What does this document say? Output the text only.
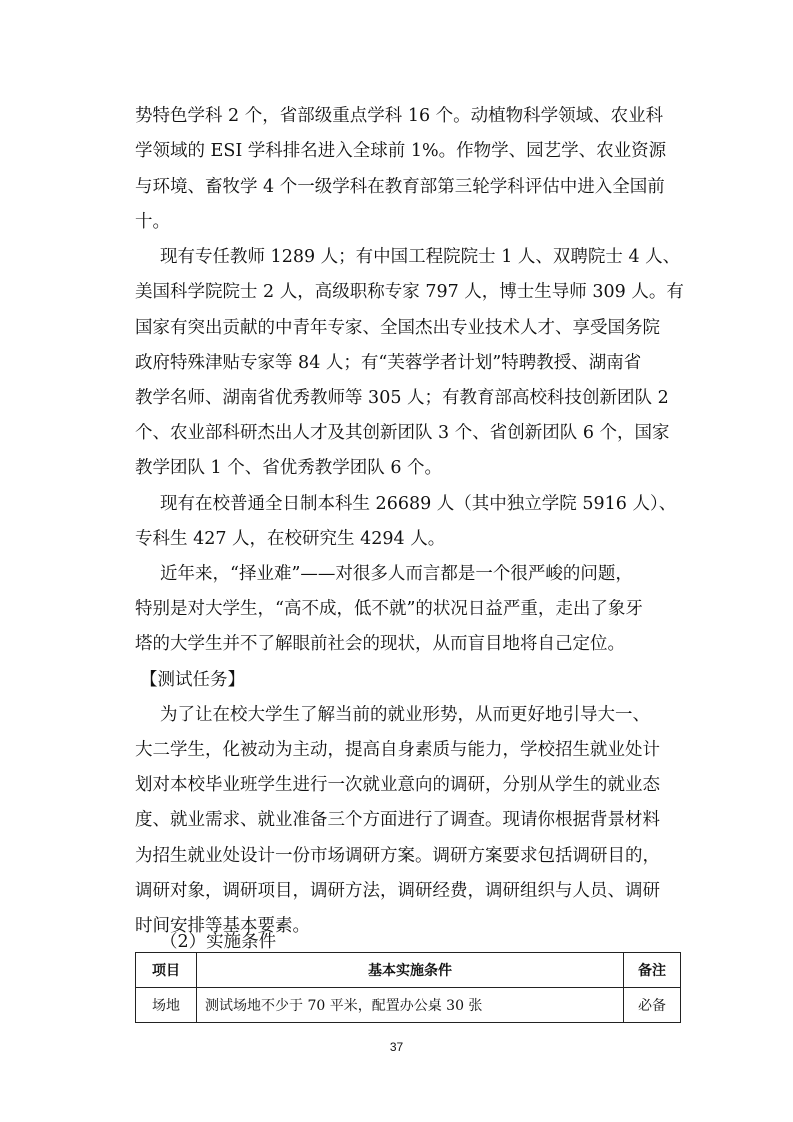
势特色学科 2 个，省部级重点学科 16 个。动植物科学领域、农业科
学领域的 ESI 学科排名进入全球前 1%。作物学、园艺学、农业资源
与环境、畜牧学 4 个一级学科在教育部第三轮学科评估中进入全国前
十。
现有专任教师 1289 人；有中国工程院院士 1 人、双聘院士 4 人、
美国科学院院士 2 人，高级职称专家 797 人，博士生导师 309 人。有
国家有突出贡献的中青年专家、全国杰出专业技术人才、享受国务院
政府特殊津贴专家等 84 人；有“芙蓉学者计划”特聘教授、湖南省
教学名师、湖南省优秀教师等 305 人；有教育部高校科技创新团队 2
个、农业部科研杰出人才及其创新团队 3 个、省创新团队 6 个，国家
教学团队 1 个、省优秀教学团队 6 个。
现有在校普通全日制本科生 26689 人（其中独立学院 5916 人）、
专科生 427 人，在校研究生 4294 人。
近年来，“择业难”——对很多人而言都是一个很严峻的问题，
特别是对大学生，“高不成，低不就”的状况日益严重，走出了象牙
塔的大学生并不了解眼前社会的现状，从而盲目地将自己定位。
【测试任务】
为了让在校大学生了解当前的就业形势，从而更好地引导大一、
大二学生，化被动为主动，提高自身素质与能力，学校招生就业处计
划对本校毕业班学生进行一次就业意向的调研，分别从学生的就业态
度、就业需求、就业准备三个方面进行了调查。现请你根据背景材料
为招生就业处设计一份市场调研方案。调研方案要求包括调研目的，
调研对象，调研项目，调研方法，调研经费，调研组织与人员、调研
时间安排等基本要素。
（2）实施条件
项目	基本实施条件	备注
场地	测试场地不少于 70 平米，配置办公桌 30 张	必备
37
